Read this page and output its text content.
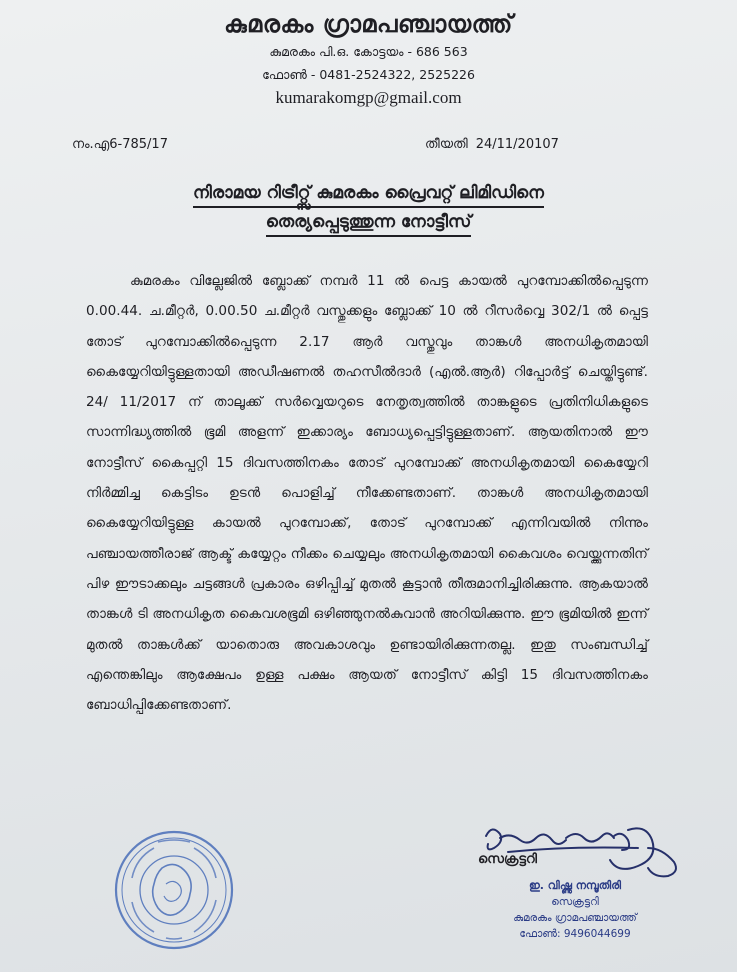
കുമരകം ഗ്രാമപഞ്ചായത്ത്
കുമരകം പി.ഒ. കോട്ടയം - 686 563
ഫോൺ - 0481-2524322, 2525226
kumarakomgp@gmail.com
നം.എ6-785/17	തീയതി 24/11/20107
നിരാമയ റിട്രീറ്റ്സ് കുമരകം പ്രൈവറ്റ് ലിമിഡിനെ
തെര്യപ്പെടുത്തുന്ന നോട്ടീസ്
കുമരകം വില്ലേജിൽ ബ്ലോക്ക് നമ്പർ 11 ൽ പെട്ട കായൽ പുറമ്പോക്കിൽപ്പെടുന്ന 0.00.44. ച.മീറ്റർ, 0.00.50 ച.മീറ്റർ വസ്തുക്കളും ബ്ലോക്ക് 10 ൽ റീസർവ്വെ 302/1 ൽ പ്പെട്ട തോട് പുറമ്പോക്കിൽപ്പെടുന്ന 2.17 ആർ വസ്തുവും താങ്കൾ അനധികൃതമായി കൈയ്യേറിയിട്ടുള്ളതായി അഡീഷണൽ തഹസീൽദാർ (എൽ.ആർ) റിപ്പോർട്ട് ചെയ്തിട്ടുണ്ട്. 24/ 11/2017 ന് താലൂക്ക് സർവ്വെയറുടെ നേതൃത്വത്തിൽ താങ്കളുടെ പ്രതിനിധികളുടെ സാന്നിദ്ധ്യത്തിൽ ഭൂമി അളന്ന് ഇക്കാര്യം ബോധ്യപ്പെട്ടിട്ടുള്ളതാണ്. ആയതിനാൽ ഈ നോട്ടീസ് കൈപ്പറ്റി 15 ദിവസത്തിനകം തോട് പുറമ്പോക്ക് അനധികൃതമായി കൈയ്യേറി നിർമ്മിച്ച കെട്ടിടം ഉടൻ പൊളിച്ച് നീക്കേണ്ടതാണ്. താങ്കൾ അനധികൃതമായി കൈയ്യേറിയിട്ടുള്ള കായൽ പുറമ്പോക്ക്, തോട് പുറമ്പോക്ക് എന്നിവയിൽ നിന്നും പഞ്ചായത്തീരാജ് ആക്ട് കയ്യേറ്റം നീക്കം ചെയ്യലും അനധികൃതമായി കൈവശം വെയ്ക്കുന്നതിന് പിഴ ഈടാക്കലും ചട്ടങ്ങൾ പ്രകാരം ഒഴിപ്പിച്ച് മുതൽ കൂട്ടാൻ തീരുമാനിച്ചിരിക്കുന്നു. ആകയാൽ താങ്കൾ ടി അനധികൃത കൈവശഭൂമി ഒഴിഞ്ഞുനൽകുവാൻ അറിയിക്കുന്നു. ഈ ഭൂമിയിൽ ഇന്ന് മുതൽ താങ്കൾക്ക് യാതൊരു അവകാശവും ഉണ്ടായിരിക്കുന്നതല്ല. ഇതു സംബന്ധിച്ച് എന്തെങ്കിലും ആക്ഷേപം ഉള്ള പക്ഷം ആയത് നോട്ടീസ് കിട്ടി 15 ദിവസത്തിനകം ബോധിപ്പിക്കേണ്ടതാണ്.
സെക്രട്ടറി
ഇ. വിഷ്ണു നമ്പൂതിരി
സെക്രട്ടറി
കുമരകം ഗ്രാമപഞ്ചായത്ത്
ഫോൺ: 9496044699
